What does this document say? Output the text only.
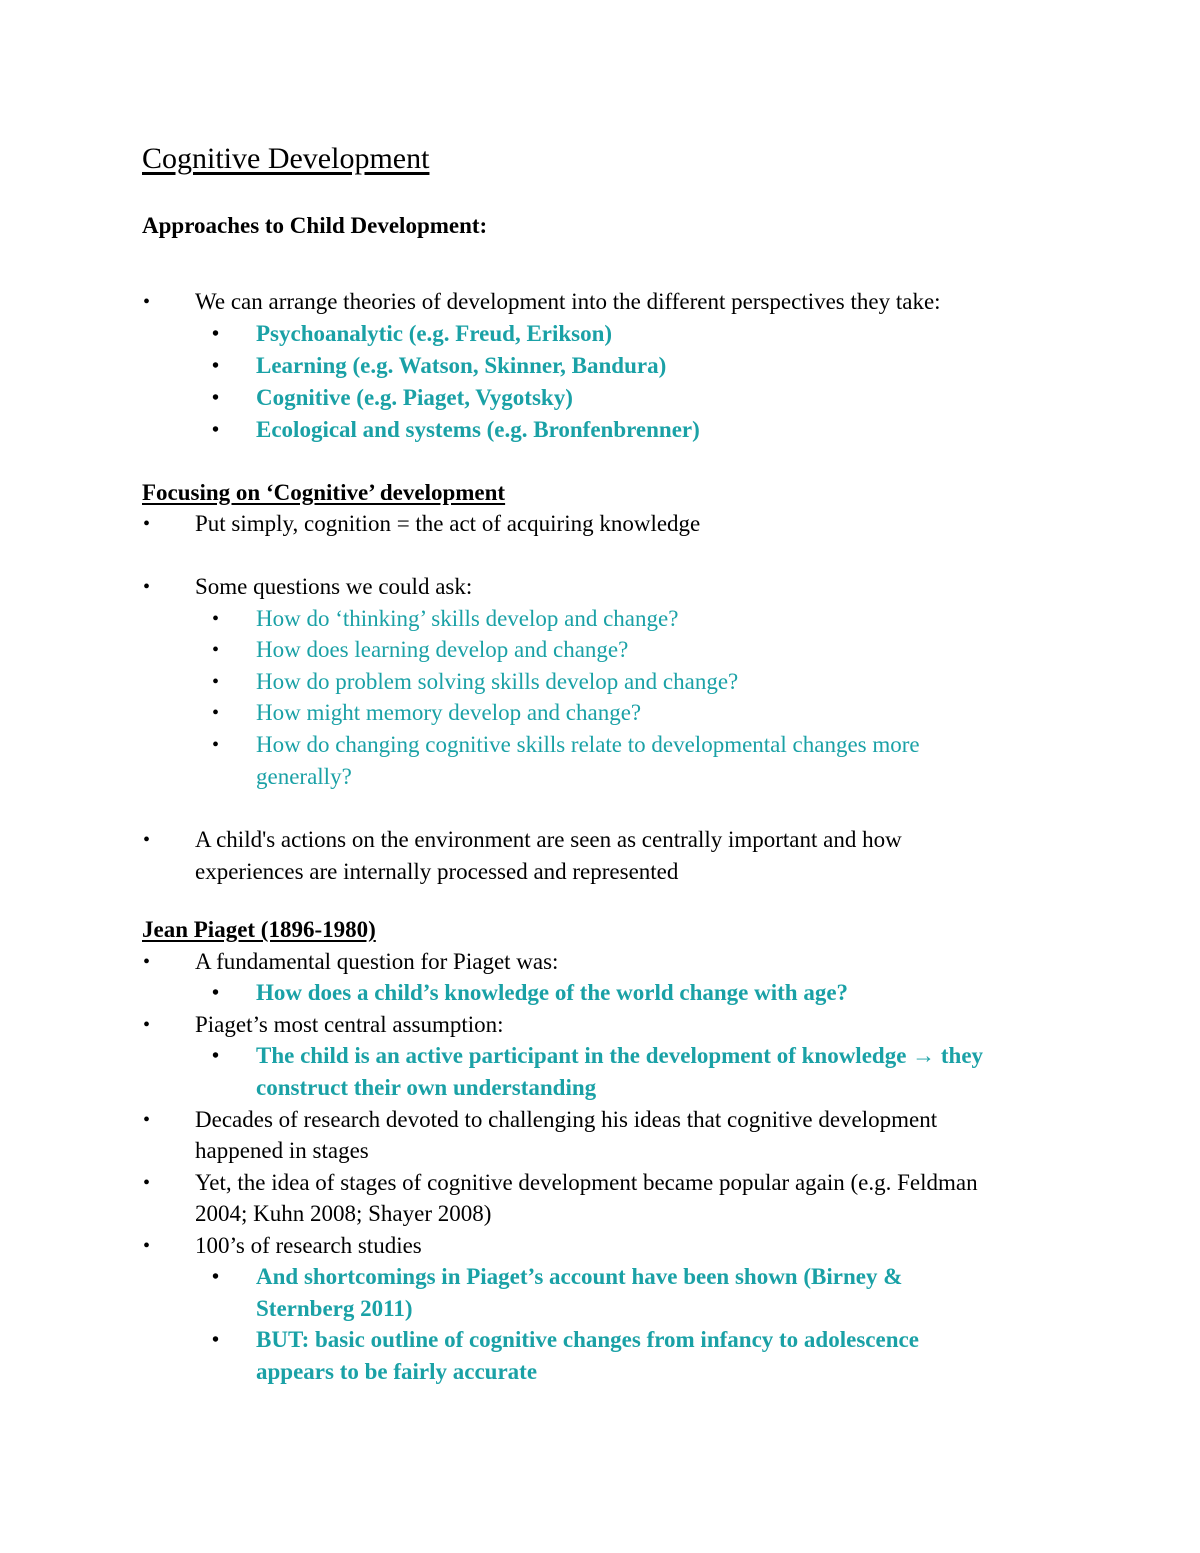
Cognitive Development
Approaches to Child Development:
• We can arrange theories of development into the different perspectives they take:
• Psychoanalytic (e.g. Freud, Erikson)
• Learning (e.g. Watson, Skinner, Bandura)
• Cognitive (e.g. Piaget, Vygotsky)
• Ecological and systems (e.g. Bronfenbrenner)
Focusing on ‘Cognitive’ development
• Put simply, cognition = the act of acquiring knowledge
• Some questions we could ask:
• How do ‘thinking’ skills develop and change?
• How does learning develop and change?
• How do problem solving skills develop and change?
• How might memory develop and change?
• How do changing cognitive skills relate to developmental changes more
generally?
• A child's actions on the environment are seen as centrally important and how
experiences are internally processed and represented
Jean Piaget (1896-1980)
• A fundamental question for Piaget was:
• How does a child’s knowledge of the world change with age?
• Piaget’s most central assumption:
• The child is an active participant in the development of knowledge → they
construct their own understanding
• Decades of research devoted to challenging his ideas that cognitive development
happened in stages
• Yet, the idea of stages of cognitive development became popular again (e.g. Feldman
2004; Kuhn 2008; Shayer 2008)
• 100’s of research studies
• And shortcomings in Piaget’s account have been shown (Birney &
Sternberg 2011)
• BUT: basic outline of cognitive changes from infancy to adolescence
appears to be fairly accurate
